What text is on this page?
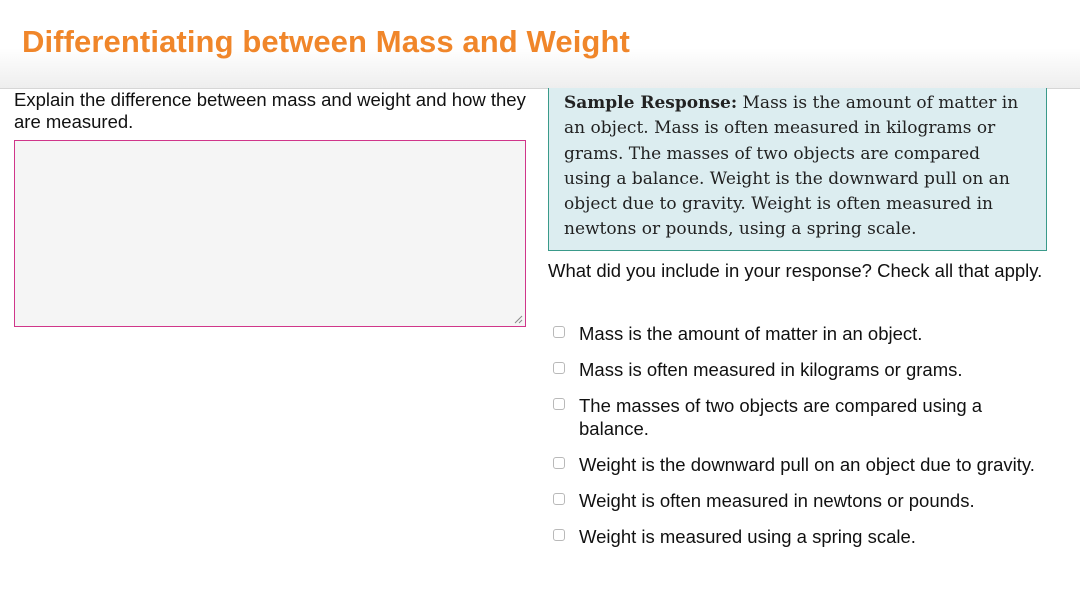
Differentiating between Mass and Weight

Explain the difference between mass and weight and how they are measured.

Sample Response: Mass is the amount of matter in an object. Mass is often measured in kilograms or grams. The masses of two objects are compared using a balance. Weight is the downward pull on an object due to gravity. Weight is often measured in newtons or pounds, using a spring scale.

What did you include in your response? Check all that apply.

Mass is the amount of matter in an object.
Mass is often measured in kilograms or grams.
The masses of two objects are compared using a balance.
Weight is the downward pull on an object due to gravity.
Weight is often measured in newtons or pounds.
Weight is measured using a spring scale.
